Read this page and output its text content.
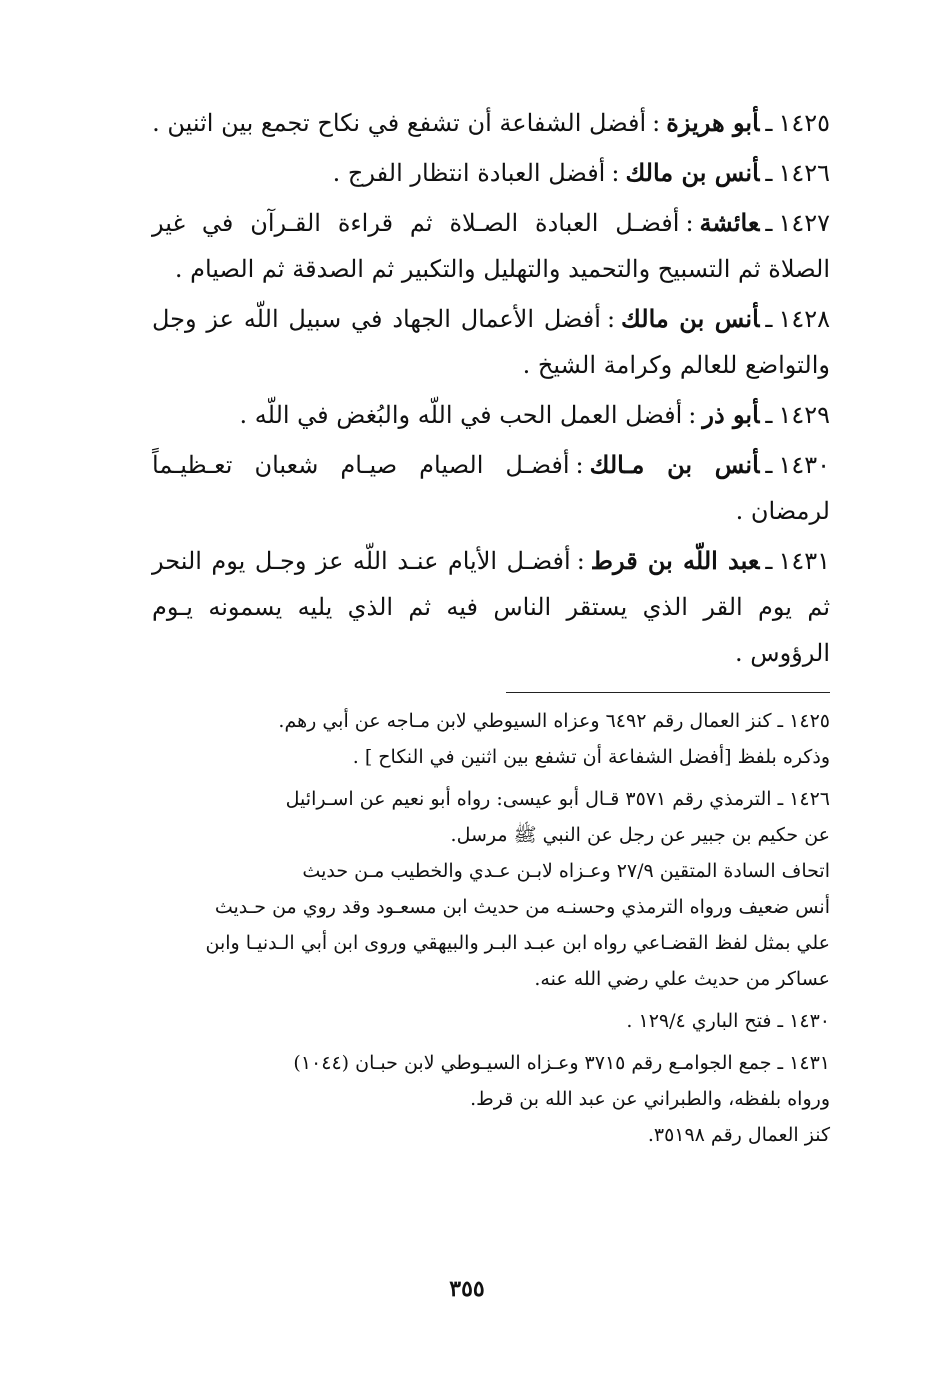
١٤٢٥ـأبو هريزة:أفضل الشفاعة أن تشفع في نكاح تجمع بين اثنين .

١٤٢٦ـأنس بن مالك:أفضل العبادة انتظار الفرج .

١٤٢٧ـعائشة:أفضـل العبادة الصـلاة ثم قراءة القـرآن في غير الصلاة ثم التسبيح والتحميد والتهليل والتكبير ثم الصدقة ثم الصيام .

١٤٢٨ـأنس بن مالك:أفضل الأعمال الجهاد في سبيل اللّه عز وجل والتواضع للعالم وكرامة الشيخ .

١٤٢٩ـأبو ذر:أفضل العمل الحب في اللّه والبُغض في اللّه .

١٤٣٠ـأنس بن مـالك:أفضـل الصيام صيـام شعبان تعـظيـماً لرمضان .

١٤٣١ـعبد اللّه بن قرط:أفضـل الأيام عنـد اللّه عز وجـل يوم النحر ثم يوم القر الذي يستقر الناس فيه ثم الذي يليه يسمونه يـوم الرؤوس .

١٤٢٥ ـ كنز العمال رقم ٦٤٩٢ وعزاه السيوطي لابن مـاجه عن أبي رهم.
وذكره بلفظ [أفضل الشفاعة أن تشفع بين اثنين في النكاح ] .
١٤٢٦ ـ الترمذي رقم ٣٥٧١ قـال أبو عيسى: رواه أبو نعيم عن اسـرائيل
عن حكيم بن جبير عن رجل عن النبي ﷺ مرسل.
اتحاف السادة المتقين ٢٧/٩ وعـزاه لابـن عـدي والخطيب مـن حديث
أنس ضعيف ورواه الترمذي وحسنـه من حديث ابن مسعـود وقد روي من حـديث
علي بمثل لفظ القضـاعي رواه ابن عبـد البـر والبيهقي وروى ابن أبي الـدنيـا وابن
عساكر من حديث علي رضي الله عنه.
١٤٣٠ ـ فتح الباري ١٢٩/٤ .
١٤٣١ ـ جمع الجوامـع رقم ٣٧١٥ وعـزاه السيـوطي لابن حبـان (١٠٤٤)
ورواه بلفظه، والطبراني عن عبد الله بن قرط.
كنز العمال رقم ٣٥١٩٨.
٣٥٥
